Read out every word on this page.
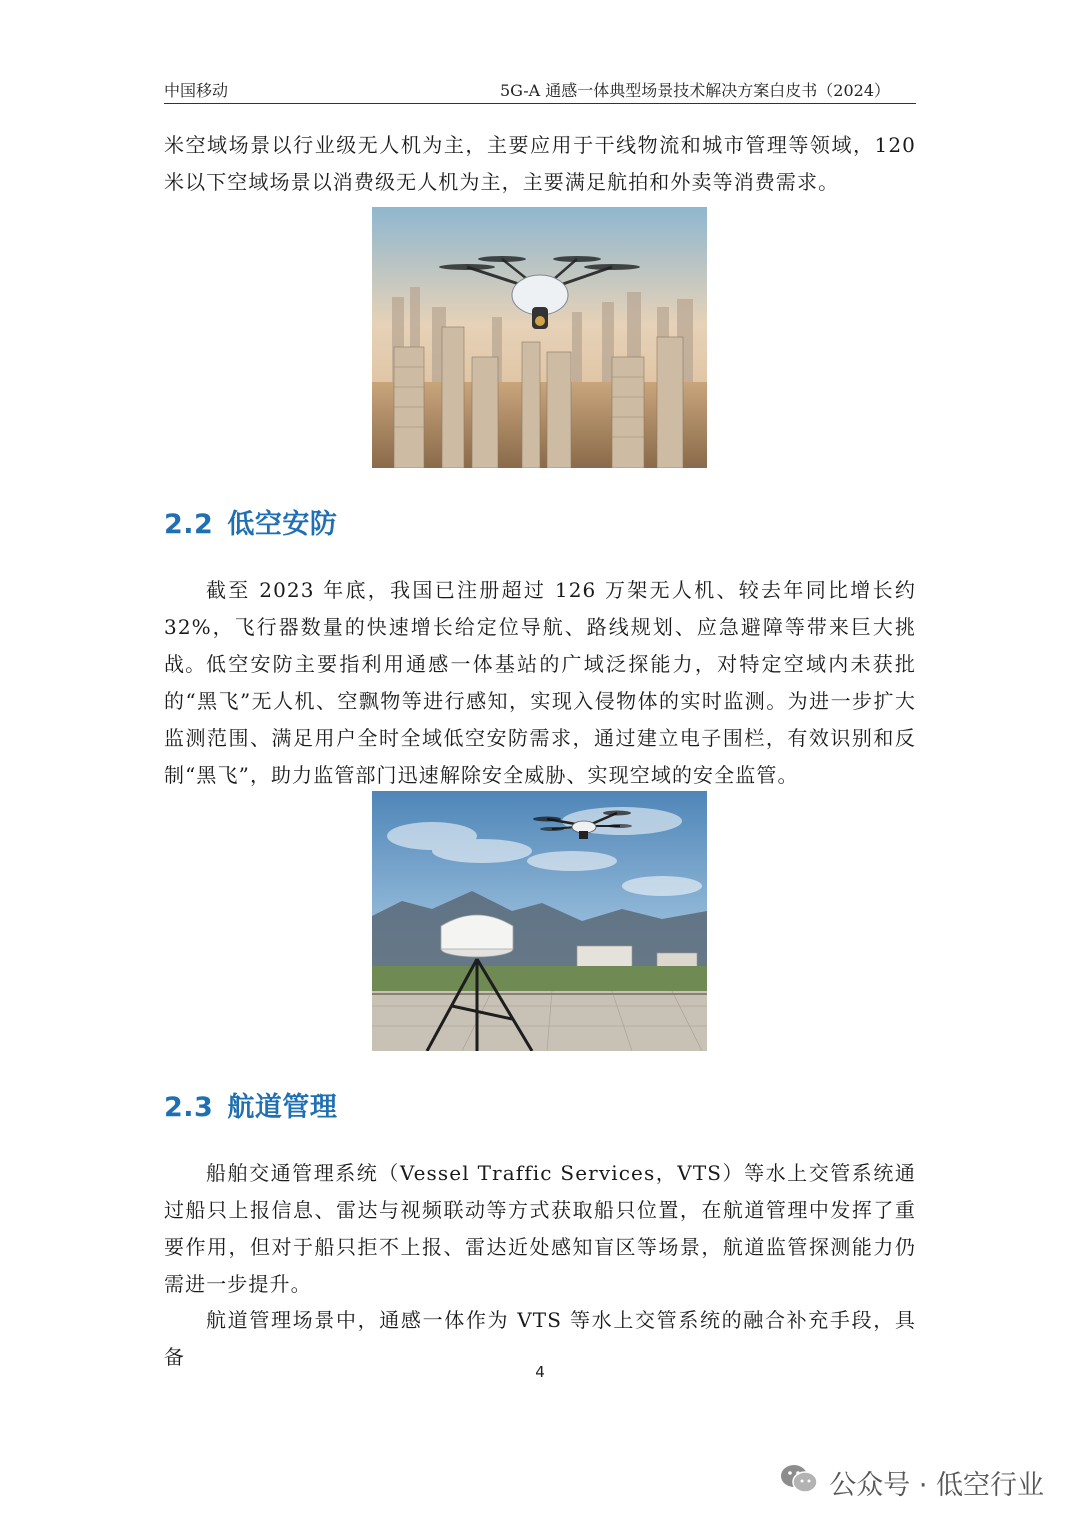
中国移动	5G-A 通感一体典型场景技术解决方案白皮书（2024）

米空域场景以行业级无人机为主，主要应用于干线物流和城市管理等领域，120米以下空域场景以消费级无人机为主，主要满足航拍和外卖等消费需求。

2.2 低空安防

截至 2023 年底，我国已注册超过 126 万架无人机、较去年同比增长约 32%，飞行器数量的快速增长给定位导航、路线规划、应急避障等带来巨大挑战。 低空安防主要指利用通感一体基站的广域泛探能力，对特定空域内未获批的“黑飞”无人机、空飘物等进行感知，实现入侵物体的实时监测。为进一步扩大监测范围、满足用户全时全域低空安防需求，通过建立电子围栏，有效识别和反制“黑飞”，助力监管部门迅速解除安全威胁、实现空域的安全监管。

2.3 航道管理

船舶交通管理系统（Vessel Traffic Services，VTS）等水上交管系统通过船只上报信息、雷达与视频联动等方式获取船只位置，在航道管理中发挥了重要作用，但对于船只拒不上报、雷达近处感知盲区等场景，航道监管探测能力仍需进一步提升。

航道管理场景中，通感一体作为 VTS 等水上交管系统的融合补充手段，具备

4
公众号 · 低空行业
